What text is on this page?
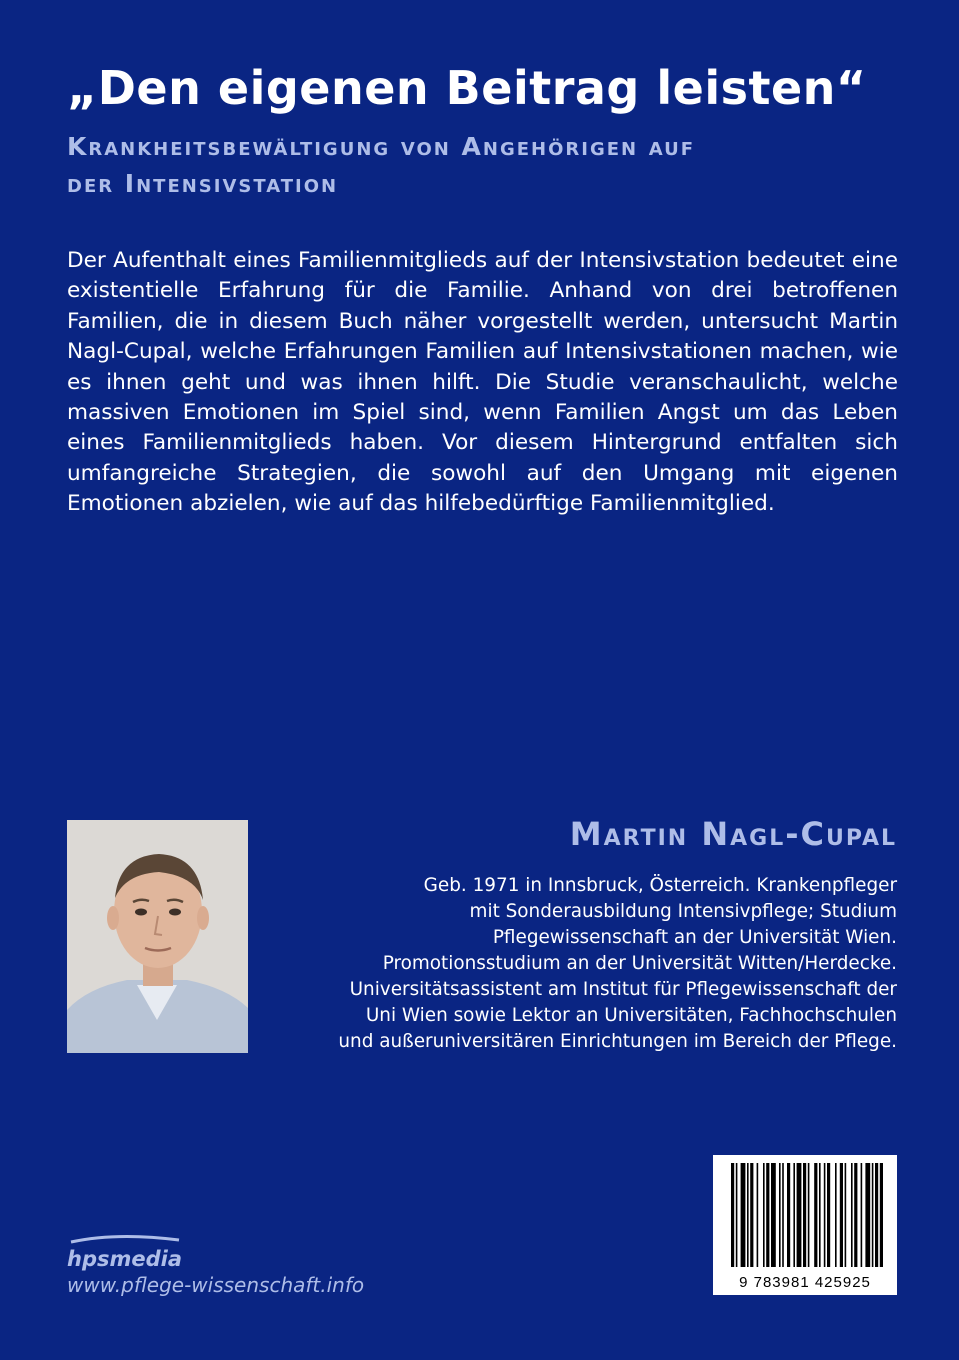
„Den eigenen Beitrag leisten“
Krankheitsbewältigung von Angehörigen auf
der Intensivstation

Der Aufenthalt eines Familienmitglieds auf der Intensivstation bedeutet eine existentielle Erfahrung für die Familie. Anhand von drei betroffenen Familien, die in diesem Buch näher vorgestellt werden, untersucht Martin Nagl-Cupal, welche Erfahrungen Familien auf Intensivstationen machen, wie es ihnen geht und was ihnen hilft. Die Studie veranschaulicht, welche massiven Emotionen im Spiel sind, wenn Familien Angst um das Leben eines Familienmitglieds haben. Vor diesem Hintergrund entfalten sich umfangreiche Strategien, die sowohl auf den Umgang mit eigenen Emotionen abzielen, wie auf das hilfebedürftige Familienmitglied.

Martin Nagl-Cupal

Geb. 1971 in Innsbruck, Österreich. Krankenpfleger
mit Sonderausbildung Intensivpflege; Studium
Pflegewissenschaft an der Universität Wien.
Promotionsstudium an der Universität Witten/Herdecke.
Universitätsassistent am Institut für Pflegewissenschaft der
Uni Wien sowie Lektor an Universitäten, Fachhochschulen
und außeruniversitären Einrichtungen im Bereich der Pflege.

hpsmedia

www.pflege-wissenschaft.info	9 783981 425925
